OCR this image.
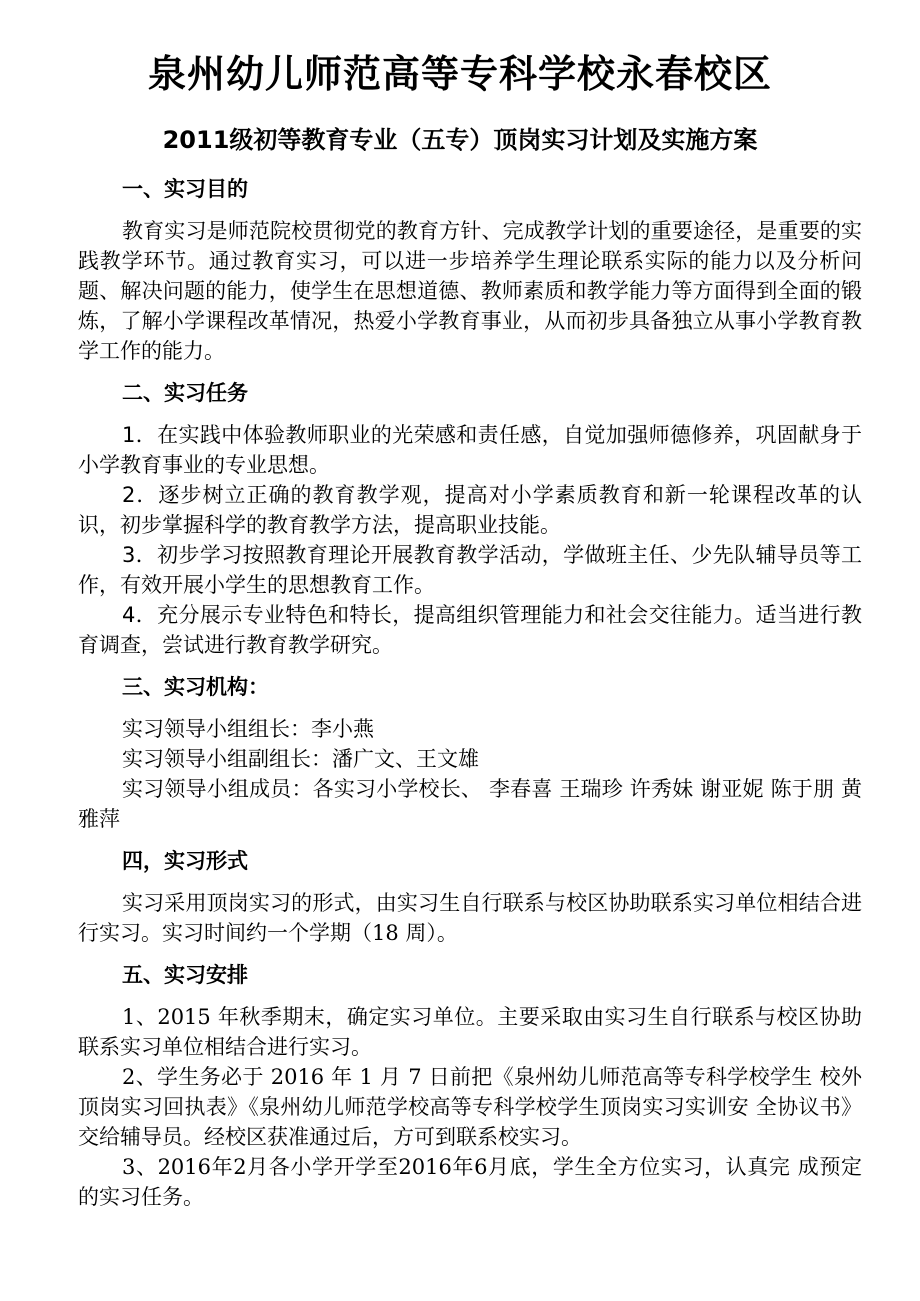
泉州幼儿师范高等专科学校永春校区
2011级初等教育专业（五专）顶岗实习计划及实施方案
一、实习目的

教育实习是师范院校贯彻党的教育方针、完成教学计划的重要途径，是重要的实践教学环节。通过教育实习，可以进一步培养学生理论联系实际的能力以及分析问题、解决问题的能力，使学生在思想道德、教师素质和教学能力等方面得到全面的锻炼，了解小学课程改革情况，热爱小学教育事业，从而初步具备独立从事小学教育教学工作的能力。

二、实习任务

1．在实践中体验教师职业的光荣感和责任感，自觉加强师德修养，巩固献身于小学教育事业的专业思想。

2．逐步树立正确的教育教学观，提高对小学素质教育和新一轮课程改革的认识，初步掌握科学的教育教学方法，提高职业技能。

3．初步学习按照教育理论开展教育教学活动，学做班主任、少先队辅导员等工作，有效开展小学生的思想教育工作。

4．充分展示专业特色和特长，提高组织管理能力和社会交往能力。适当进行教育调查，尝试进行教育教学研究。

三、实习机构：

实习领导小组组长：李小燕

实习领导小组副组长：潘广文、王文雄

实习领导小组成员：各实习小学校长、 李春喜 王瑞珍 许秀妹 谢亚妮 陈于朋 黄雅萍

四，实习形式

实习采用顶岗实习的形式，由实习生自行联系与校区协助联系实习单位相结合进行实习。实习时间约一个学期（18 周）。

五、实习安排

1、2015 年秋季期末，确定实习单位。主要采取由实习生自行联系与校区协助联系实习单位相结合进行实习。

2、学生务必于 2016 年 1 月 7 日前把《泉州幼儿师范高等专科学校学生 校外顶岗实习回执表》《泉州幼儿师范学校高等专科学校学生顶岗实习实训安 全协议书》交给辅导员。经校区获准通过后，方可到联系校实习。

3、2016年2月各小学开学至2016年6月底，学生全方位实习，认真完 成预定的实习任务。
